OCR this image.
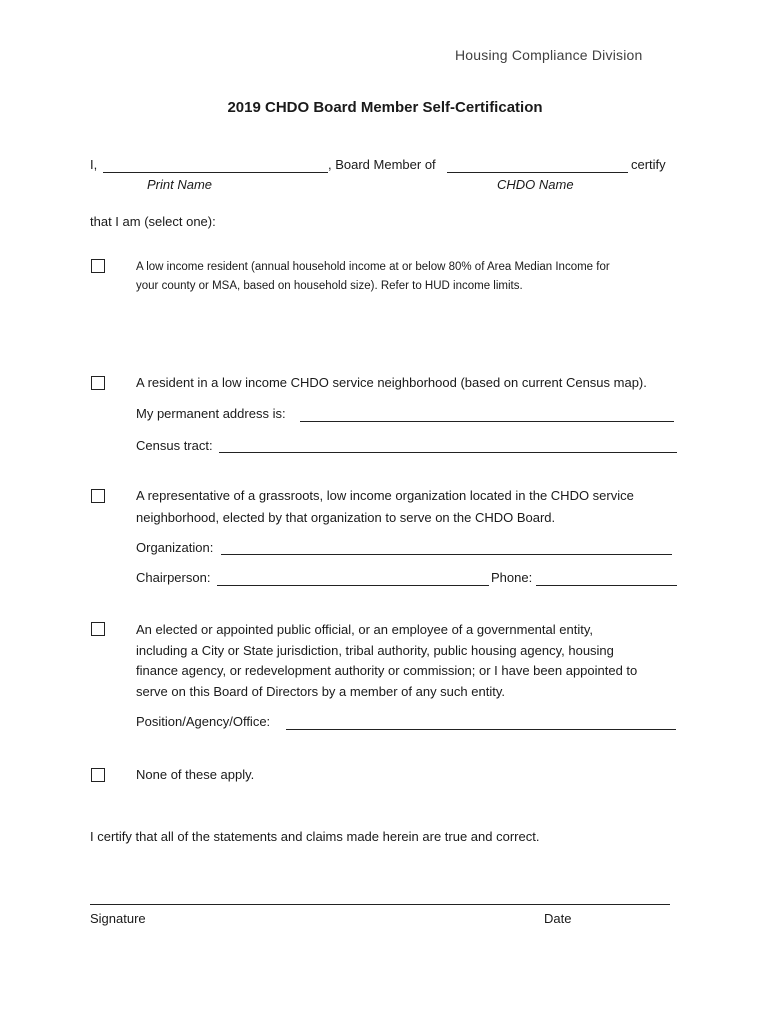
Housing Compliance Division
2019 CHDO Board Member Self-Certification
I,	, Board Member of	certify
Print Name	CHDO Name
that I am (select one):
A low income resident (annual household income at or below 80% of Area Median Income for
your county or MSA, based on household size). Refer to HUD income limits.
A resident in a low income CHDO service neighborhood (based on current Census map).
My permanent address is:
Census tract:
A representative of a grassroots, low income organization located in the CHDO service
neighborhood, elected by that organization to serve on the CHDO Board.
Organization:
Chairperson:	Phone:
An elected or appointed public official, or an employee of a governmental entity,
including a City or State jurisdiction, tribal authority, public housing agency, housing
finance agency, or redevelopment authority or commission; or I have been appointed to
serve on this Board of Directors by a member of any such entity.
Position/Agency/Office:
None of these apply.
I certify that all of the statements and claims made herein are true and correct.
Signature	Date
